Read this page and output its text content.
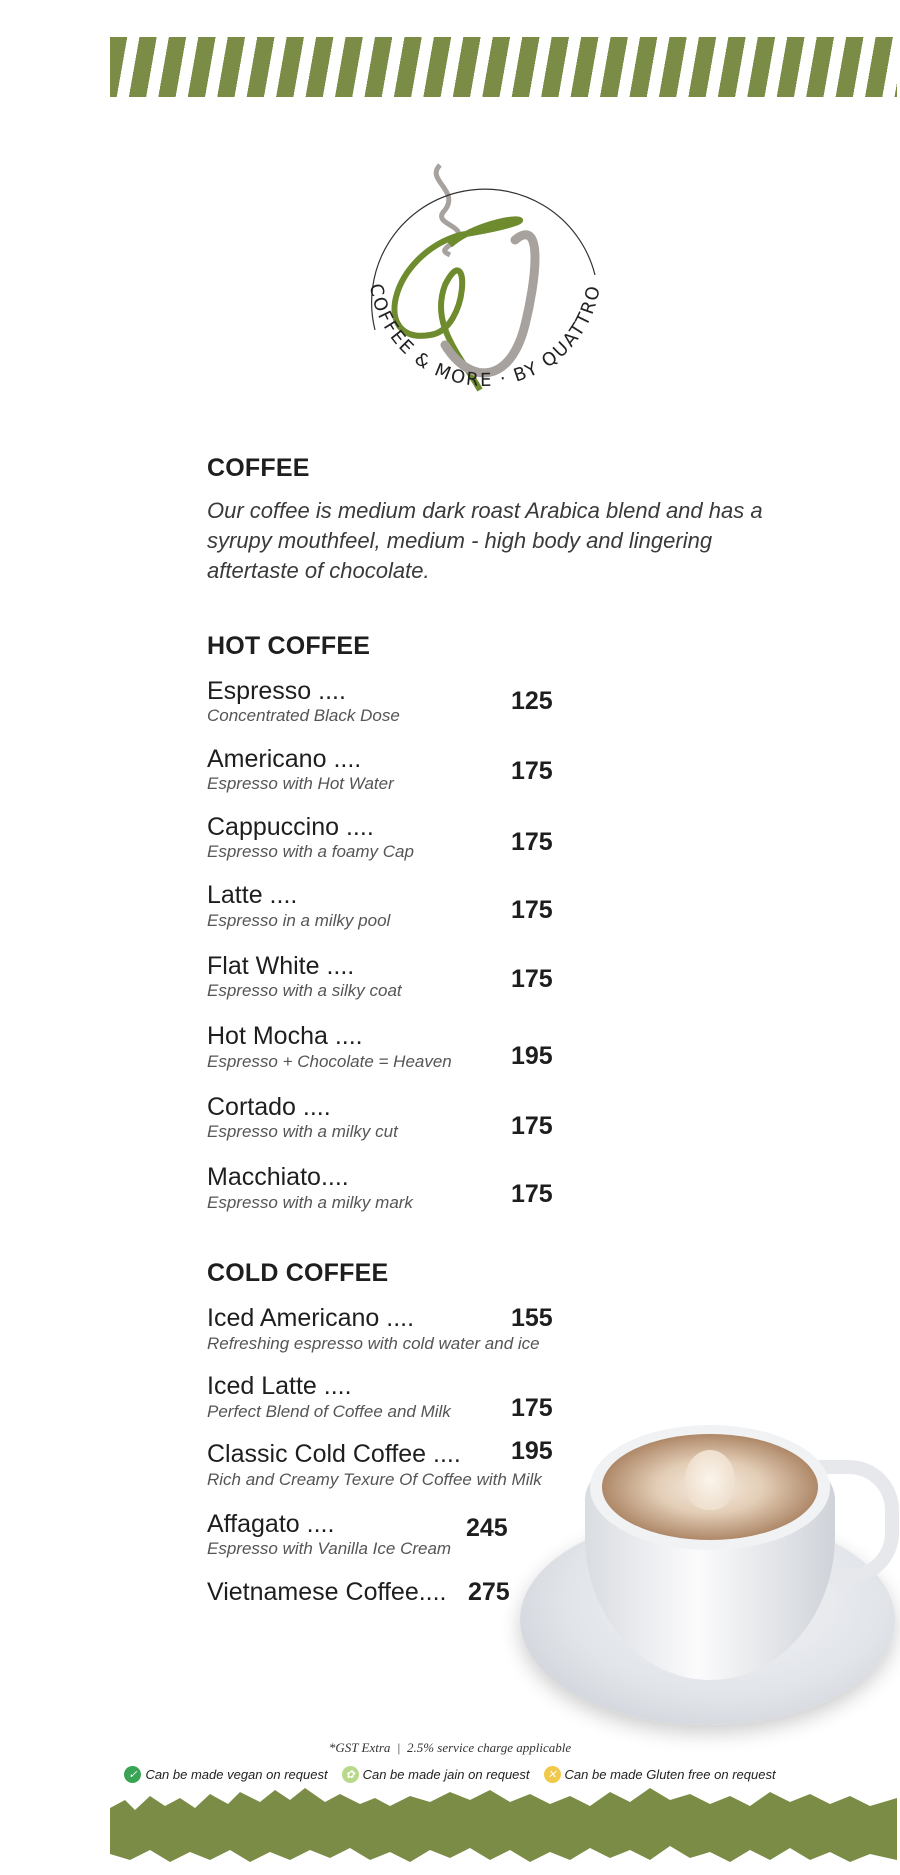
COFFEE & MORE · BY QUATTRO
COFFEE
Our coffee is medium dark roast Arabica blend and has a syrupy mouthfeel, medium - high body and lingering aftertaste of chocolate.
HOT COFFEE
Espresso ....
Concentrated Black Dose
125
Americano ....
Espresso with Hot Water	175
Cappuccino ....
Espresso with a foamy Cap	175
Latte ....
Espresso in a milky pool	175
Flat White ....
Espresso with a silky coat	175
Hot Mocha ....
Espresso + Chocolate = Heaven 195
Cortado ....
Espresso with a milky cut	175
Macchiato....
Espresso with a milky mark	175
COLD COFFEE
Iced Americano ....
Refreshing espresso with cold water and ice
155
Iced Latte ....
Perfect Blend of Coffee and Milk 175
Classic Cold Coffee ....
Rich and Creamy Texure Of Coffee with Milk
195
Affagato ....
Espresso with Vanilla Ice Cream
245
Vietnamese Coffee.... 275
*GST Extra  |  2.5% service charge applicable
✓ Can be made vegan on request	✿ Can be made jain on request	✕ Can be made Gluten free on request
